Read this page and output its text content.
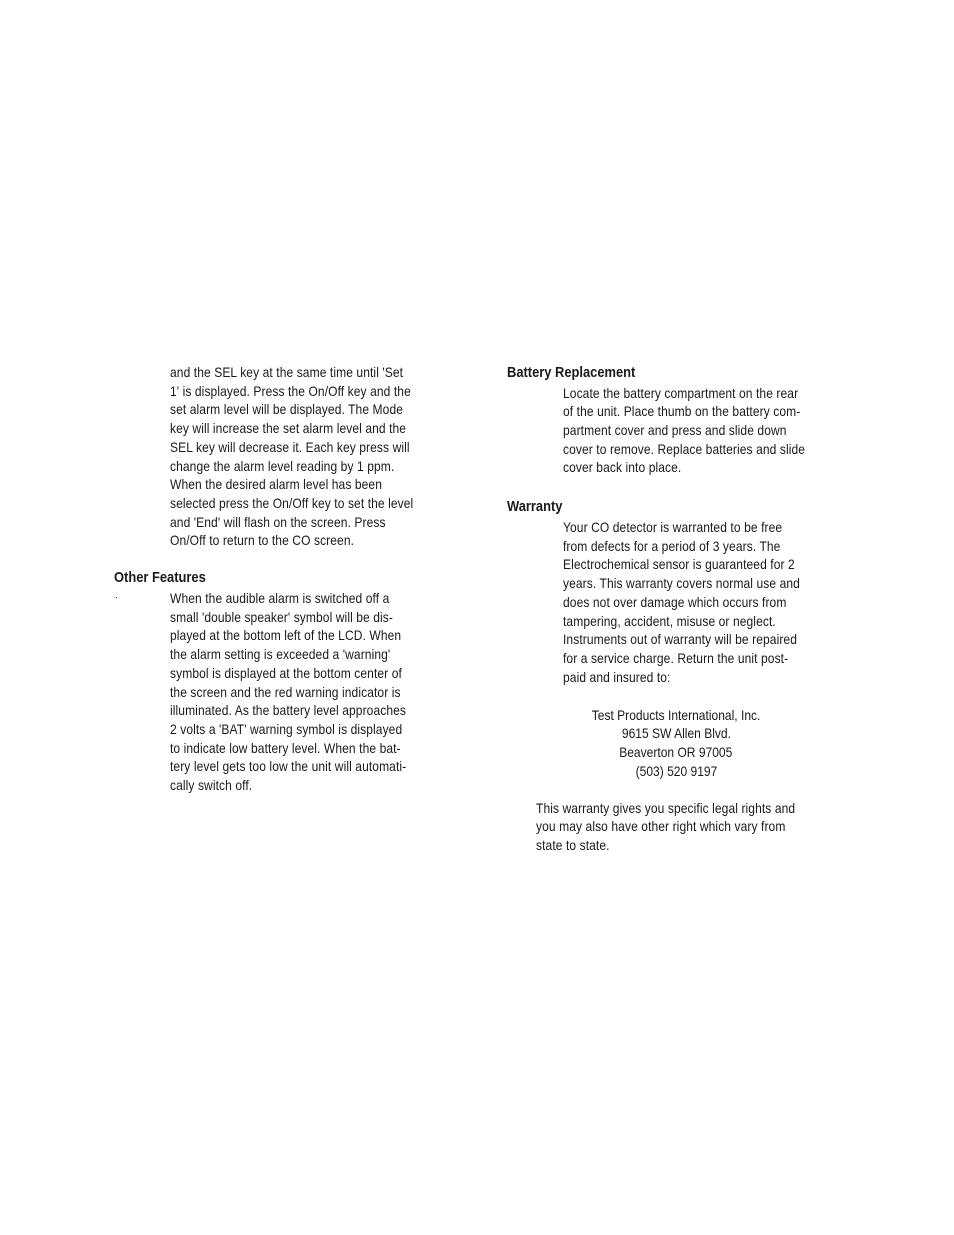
and the SEL key at the same time until 'Set
1' is displayed. Press the On/Off key and the
set alarm level will be displayed. The Mode
key will increase the set alarm level and the
SEL key will decrease it. Each key press will
change the alarm level reading by 1 ppm.
When the desired alarm level has been
selected press the On/Off key to set the level
and 'End' will flash on the screen. Press
On/Off to return to the CO screen.
Other Features
.	When the audible alarm is switched off a
small 'double speaker' symbol will be dis-
played at the bottom left of the LCD. When
the alarm setting is exceeded a 'warning'
symbol is displayed at the bottom center of
the screen and the red warning indicator is
illuminated. As the battery level approaches
2 volts a 'BAT' warning symbol is displayed
to indicate low battery level. When the bat-
tery level gets too low the unit will automati-
cally switch off.
Battery Replacement
Locate the battery compartment on the rear
of the unit. Place thumb on the battery com-
partment cover and press and slide down
cover to remove. Replace batteries and slide
cover back into place.
Warranty
Your CO detector is warranted to be free
from defects for a period of 3 years. The
Electrochemical sensor is guaranteed for 2
years. This warranty covers normal use and
does not over damage which occurs from
tampering, accident, misuse or neglect.
Instruments out of warranty will be repaired
for a service charge. Return the unit post-
paid and insured to:
Test Products International, Inc.
9615 SW Allen Blvd.
Beaverton OR 97005
(503) 520 9197
This warranty gives you specific legal rights and
you may also have other right which vary from
state to state.
